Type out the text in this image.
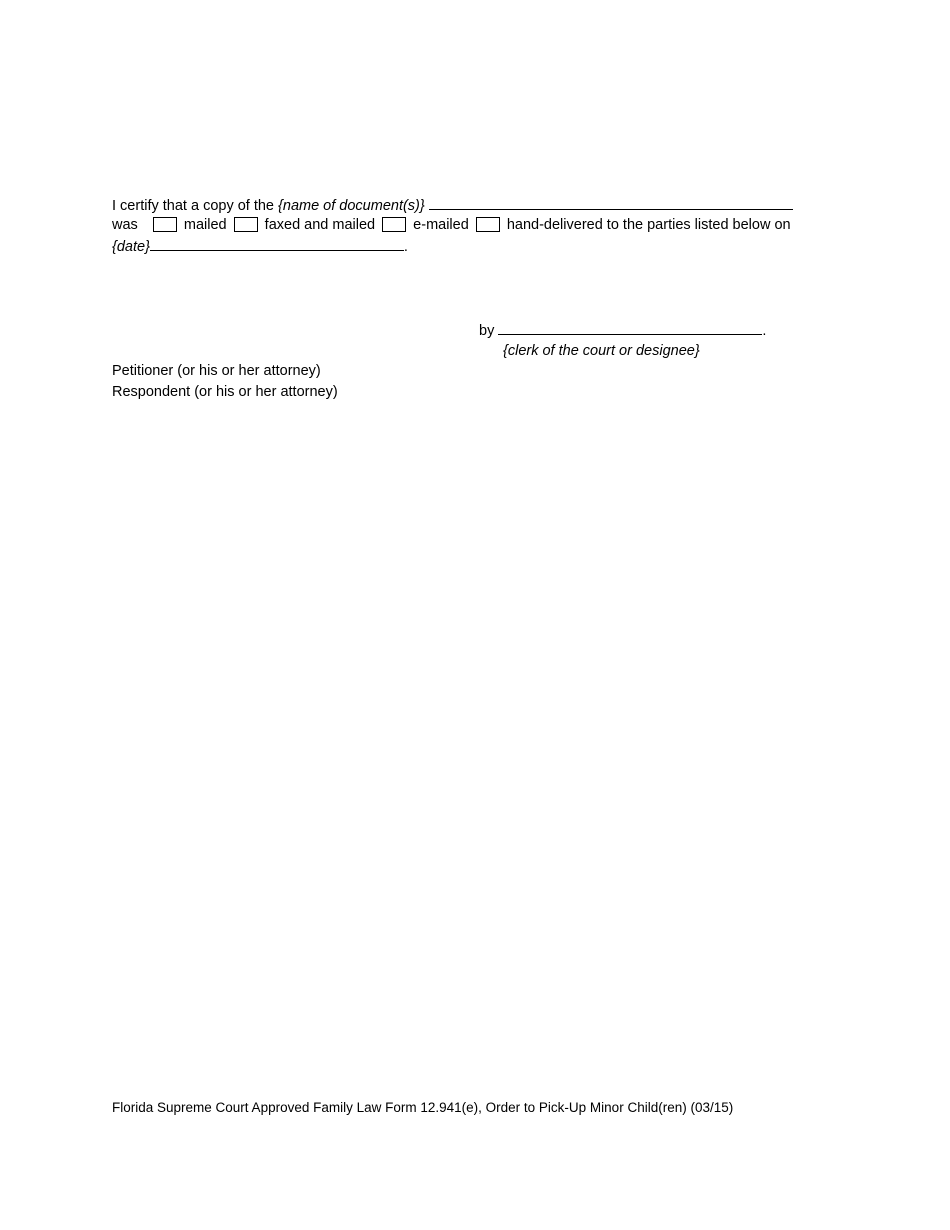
I certify that a copy of the {name of document(s)}
was	mailed	faxed and mailed	e-mailed	hand-delivered to the parties listed below on
{date}	.
by	.
{clerk of the court or designee}
Petitioner (or his or her attorney)
Respondent (or his or her attorney)
Florida Supreme Court Approved Family Law Form 12.941(e), Order to Pick-Up Minor Child(ren) (03/15)
